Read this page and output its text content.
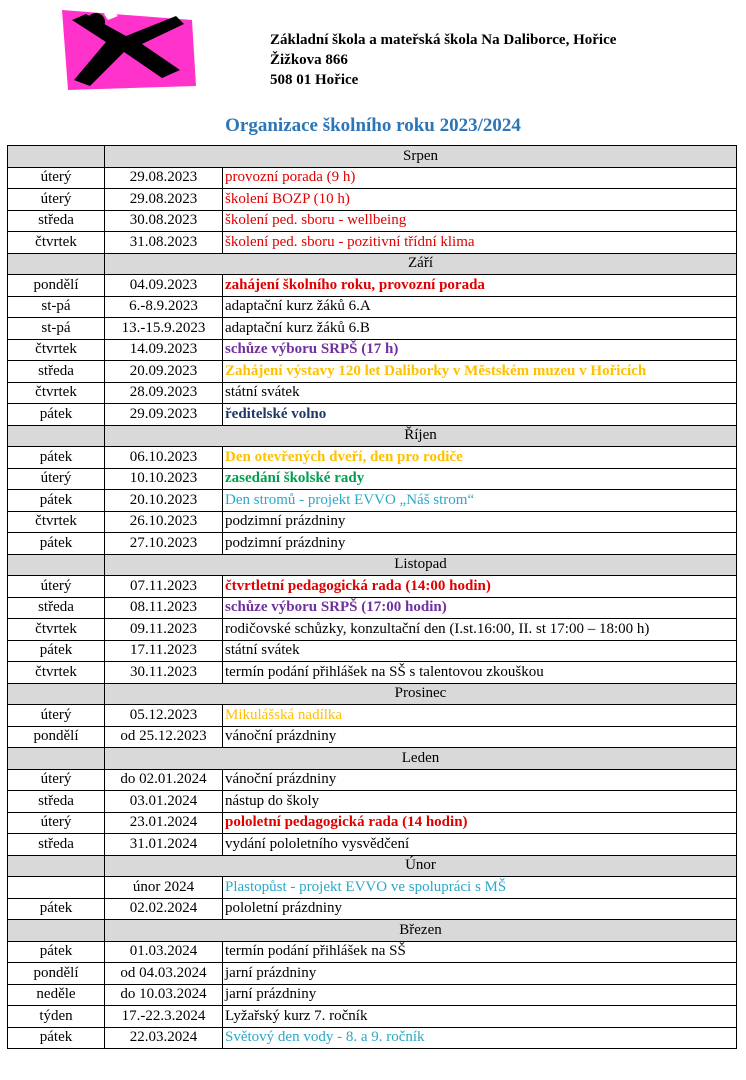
Základní škola a mateřská škola Na Daliborce, Hořice
Žižkova 866
508 01 Hořice
Organizace školního roku 2023/2024
	Srpen	
úterý	29.08.2023	provozní porada (9 h)
úterý	29.08.2023	školení BOZP (10 h)
středa	30.08.2023	školení ped. sboru - wellbeing
čtvrtek	31.08.2023	školení ped. sboru - pozitivní třídní klima
	Září	
pondělí	04.09.2023	zahájení školního roku, provozní porada
st-pá	6.-8.9.2023	adaptační kurz žáků 6.A
st-pá	13.-15.9.2023	adaptační kurz žáků 6.B
čtvrtek	14.09.2023	schůze výboru SRPŠ (17 h)
středa	20.09.2023	Zahájení výstavy 120 let Daliborky v Městském muzeu v Hořicích
čtvrtek	28.09.2023	státní svátek
pátek	29.09.2023	ředitelské volno
	Říjen	
pátek	06.10.2023	Den otevřených dveří, den pro rodiče
úterý	10.10.2023	zasedání školské rady
pátek	20.10.2023	Den stromů - projekt EVVO „Náš strom“
čtvrtek	26.10.2023	podzimní prázdniny
pátek	27.10.2023	podzimní prázdniny
	Listopad	
úterý	07.11.2023	čtvrtletní pedagogická rada (14:00 hodin)
středa	08.11.2023	schůze výboru SRPŠ (17:00 hodin)
čtvrtek	09.11.2023	rodičovské schůzky, konzultační den (I.st.16:00, II. st 17:00 – 18:00 h)
pátek	17.11.2023	státní svátek
čtvrtek	30.11.2023	termín podání přihlášek na SŠ s talentovou zkouškou
	Prosinec	
úterý	05.12.2023	Mikulášská nadílka
pondělí	od 25.12.2023	vánoční prázdniny
	Leden	
úterý	do 02.01.2024	vánoční prázdniny
středa	03.01.2024	nástup do školy
úterý	23.01.2024	pololetní pedagogická rada (14 hodin)
středa	31.01.2024	vydání pololetního vysvědčení
	Únor	
	únor 2024	Plastopůst - projekt EVVO ve spolupráci s MŠ
pátek	02.02.2024	pololetní prázdniny
	Březen	
pátek	01.03.2024	termín podání přihlášek na SŠ
pondělí	od 04.03.2024	jarní prázdniny
neděle	do 10.03.2024	jarní prázdniny
týden	17.-22.3.2024	Lyžařský kurz 7. ročník
pátek	22.03.2024	Světový den vody - 8. a 9. ročník
